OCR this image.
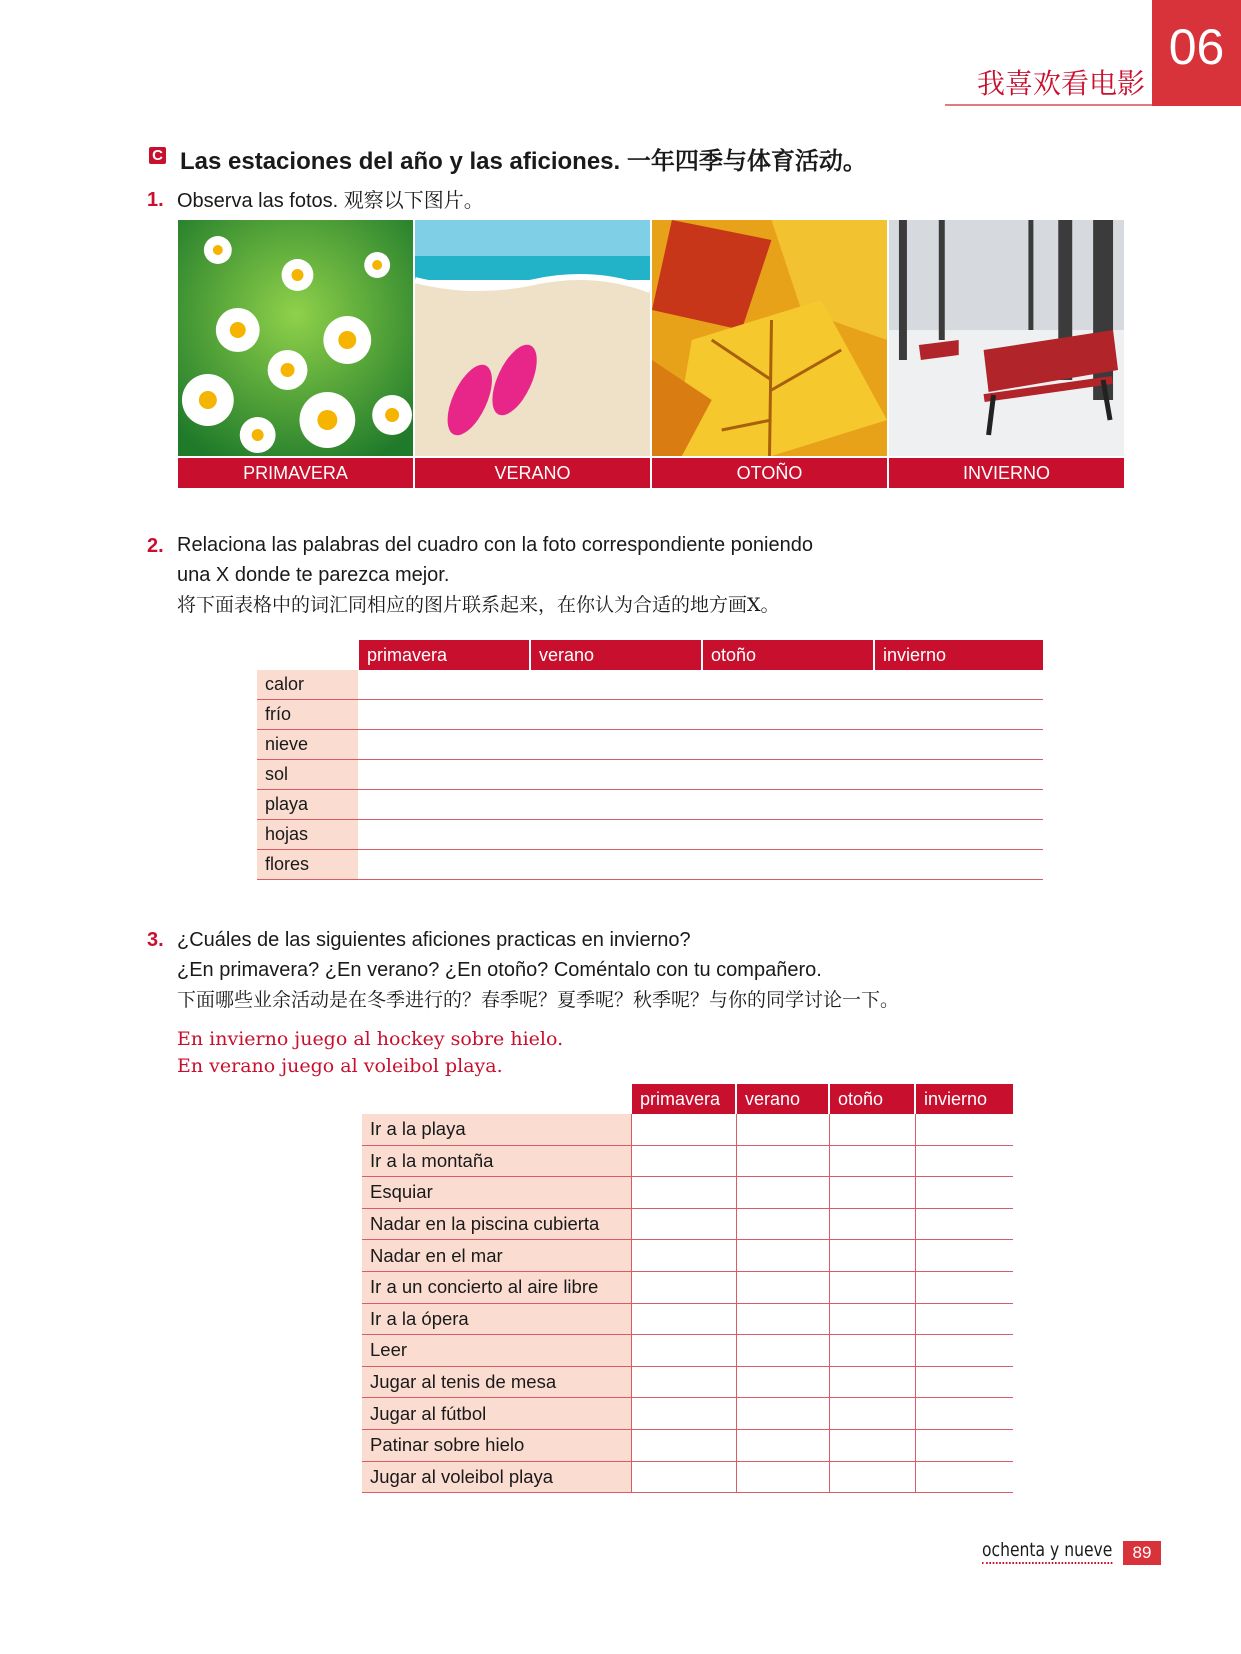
我喜欢看电影
06
C Las estaciones del año y las aficiones. 一年四季与体育活动。
1. Observa las fotos. 观察以下图片。
PRIMAVERA	VERANO	OTOÑO	INVIERNO
2. Relaciona las palabras del cuadro con la foto correspondiente poniendo
una X donde te parezca mejor.
将下面表格中的词汇同相应的图片联系起来，在你认为合适的地方画X。
	primavera	verano	otoño	invierno
calor				
frío				
nieve				
sol				
playa				
hojas				
flores				
3. ¿Cuáles de las siguientes aficiones practicas en invierno?
¿En primavera? ¿En verano? ¿En otoño? Coméntalo con tu compañero.
下面哪些业余活动是在冬季进行的？春季呢？夏季呢？秋季呢？与你的同学讨论一下。
En invierno juego al hockey sobre hielo.
En verano juego al voleibol playa.
	primavera	verano	otoño	invierno
Ir a la playa				
Ir a la montaña				
Esquiar				
Nadar en la piscina cubierta				
Nadar en el mar				
Ir a un concierto al aire libre				
Ir a la ópera				
Leer				
Jugar al tenis de mesa				
Jugar al fútbol				
Patinar sobre hielo				
Jugar al voleibol playa				
ochenta y nueve	89
